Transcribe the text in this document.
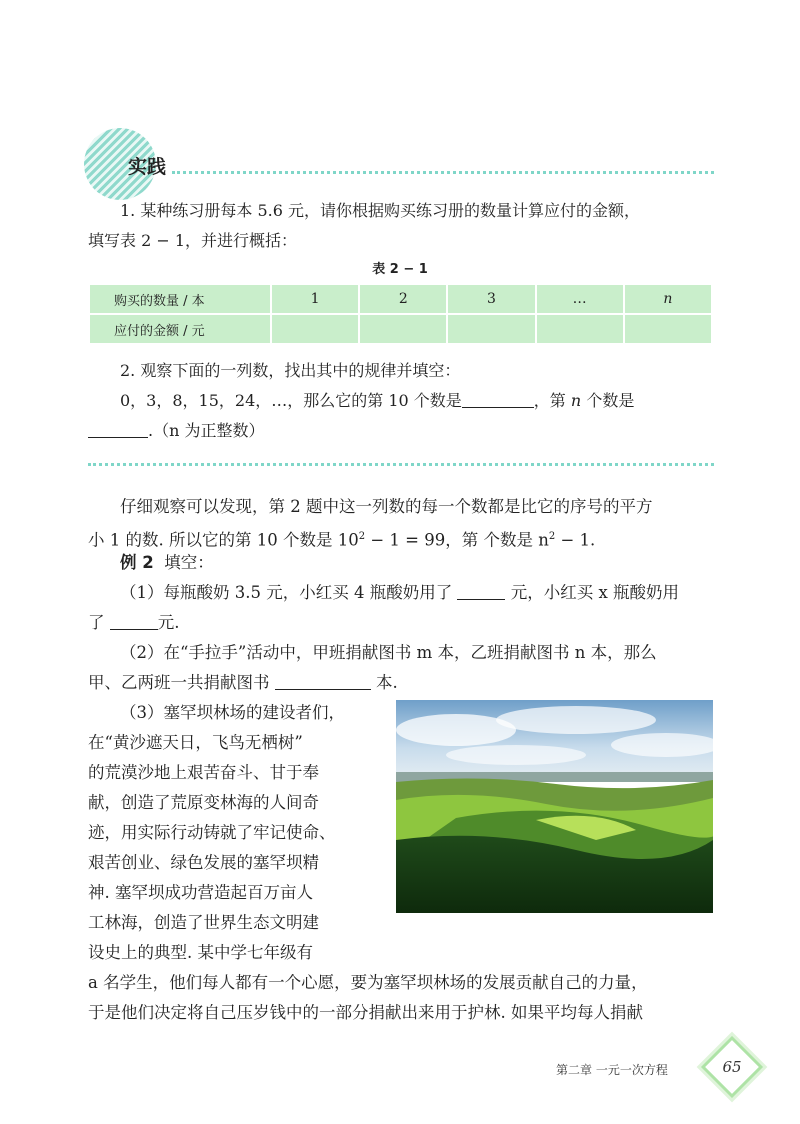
实践

1. 某种练习册每本 5.6 元，请你根据购买练习册的数量计算应付的金额，

填写表 2 − 1，并进行概括：

表 2 − 1
购买的数量 / 本	1	2	3	…	n
应付的金额 / 元					

2. 观察下面的一列数，找出其中的规律并填空：

0，3，8，15，24，…，那么它的第 10 个数是	，第 n 个数是

.（n 为正整数）

仔细观察可以发现，第 2 题中这一列数的每一个数都是比它的序号的平方

小 1 的数. 所以它的第 10 个数是 $10^2 - 1 = 99$，第 个数是 $n^2 - 1$.

例 2 填空：

（1）每瓶酸奶 3.5 元，小红买 4 瓶酸奶用了	元，小红买 x 瓶酸奶用

了	元.

（2）在“手拉手”活动中，甲班捐献图书 m 本，乙班捐献图书 n 本，那么

甲、乙两班一共捐献图书	本.

（3）塞罕坝林场的建设者们，

在“黄沙遮天日，飞鸟无栖树”

的荒漠沙地上艰苦奋斗、甘于奉

献，创造了荒原变林海的人间奇

迹，用实际行动铸就了牢记使命、

艰苦创业、绿色发展的塞罕坝精

神. 塞罕坝成功营造起百万亩人

工林海，创造了世界生态文明建

设史上的典型. 某中学七年级有

a 名学生，他们每人都有一个心愿，要为塞罕坝林场的发展贡献自己的力量，

于是他们决定将自己压岁钱中的一部分捐献出来用于护林. 如果平均每人捐献

第二章 一元一次方程	65
